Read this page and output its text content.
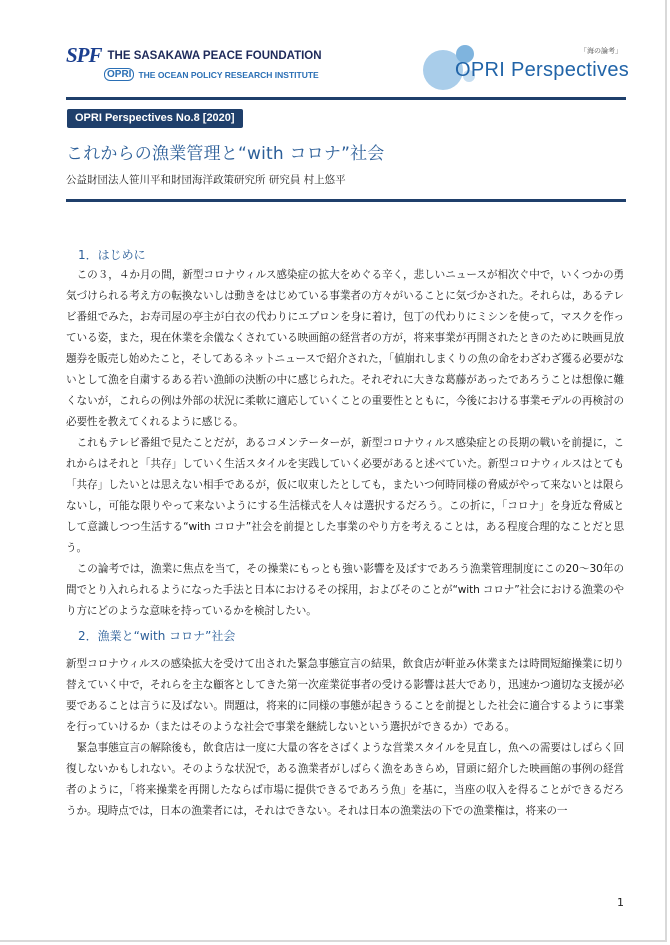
SPF THE SASAKAWA PEACE FOUNDATION
OPRI THE OCEAN POLICY RESEARCH INSTITUTE
「海の論考」
OPRI Perspectives
OPRI Perspectives No.8 [2020]
これからの漁業管理と“with コロナ”社会
公益財団法人笹川平和財団海洋政策研究所 研究員 村上悠平
1．はじめに

この３，４か月の間，新型コロナウィルス感染症の拡大をめぐる辛く，悲しいニュースが相次ぐ中で，いくつかの勇気づけられる考え方の転換ないしは動きをはじめている事業者の方々がいることに気づかされた。それらは，あるテレビ番組でみた，お寿司屋の亭主が白衣の代わりにエプロンを身に着け，包丁の代わりにミシンを使って，マスクを作っている姿，また，現在休業を余儀なくされている映画館の経営者の方が，将来事業が再開されたときのために映画見放題券を販売し始めたこと，そしてあるネットニュースで紹介された，「値崩れしまくりの魚の命をわざわざ獲る必要がないとして漁を自粛するある若い漁師の決断の中に感じられた。それぞれに大きな葛藤があったであろうことは想像に難くないが，これらの例は外部の状況に柔軟に適応していくことの重要性とともに，今後における事業モデルの再検討の必要性を教えてくれるように感じる。

これもテレビ番組で見たことだが，あるコメンテーターが，新型コロナウィルス感染症との長期の戦いを前提に，これからはそれと「共存」していく生活スタイルを実践していく必要があると述べていた。新型コロナウィルスはとても「共存」したいとは思えない相手であるが，仮に収束したとしても，またいつ何時同様の脅威がやって来ないとは限らないし，可能な限りやって来ないようにする生活様式を人々は選択するだろう。この折に，「コロナ」を身近な脅威として意識しつつ生活する“with コロナ”社会を前提とした事業のやり方を考えることは，ある程度合理的なことだと思う。

この論考では，漁業に焦点を当て，その操業にもっとも強い影響を及ぼすであろう漁業管理制度にこの20～30年の間でとり入れられるようになった手法と日本におけるその採用，およびそのことが“with コロナ”社会における漁業のやり方にどのような意味を持っているかを検討したい。

2．漁業と“with コロナ”社会

新型コロナウィルスの感染拡大を受けて出された緊急事態宣言の結果，飲食店が軒並み休業または時間短縮操業に切り替えていく中で，それらを主な顧客としてきた第一次産業従事者の受ける影響は甚大であり，迅速かつ適切な支援が必要であることは言うに及ばない。問題は，将来的に同様の事態が起きうることを前提とした社会に適合するように事業を行っていけるか（またはそのような社会で事業を継続しないという選択ができるか）である。

緊急事態宣言の解除後も，飲食店は一度に大量の客をさばくような営業スタイルを見直し，魚への需要はしばらく回復しないかもしれない。そのような状況で，ある漁業者がしばらく漁をあきらめ，冒頭に紹介した映画館の事例の経営者のように，「将来操業を再開したならば市場に提供できるであろう魚」を基に，当座の収入を得ることができるだろうか。現時点では，日本の漁業者には，それはできない。それは日本の漁業法の下での漁業権は，将来の一

1
